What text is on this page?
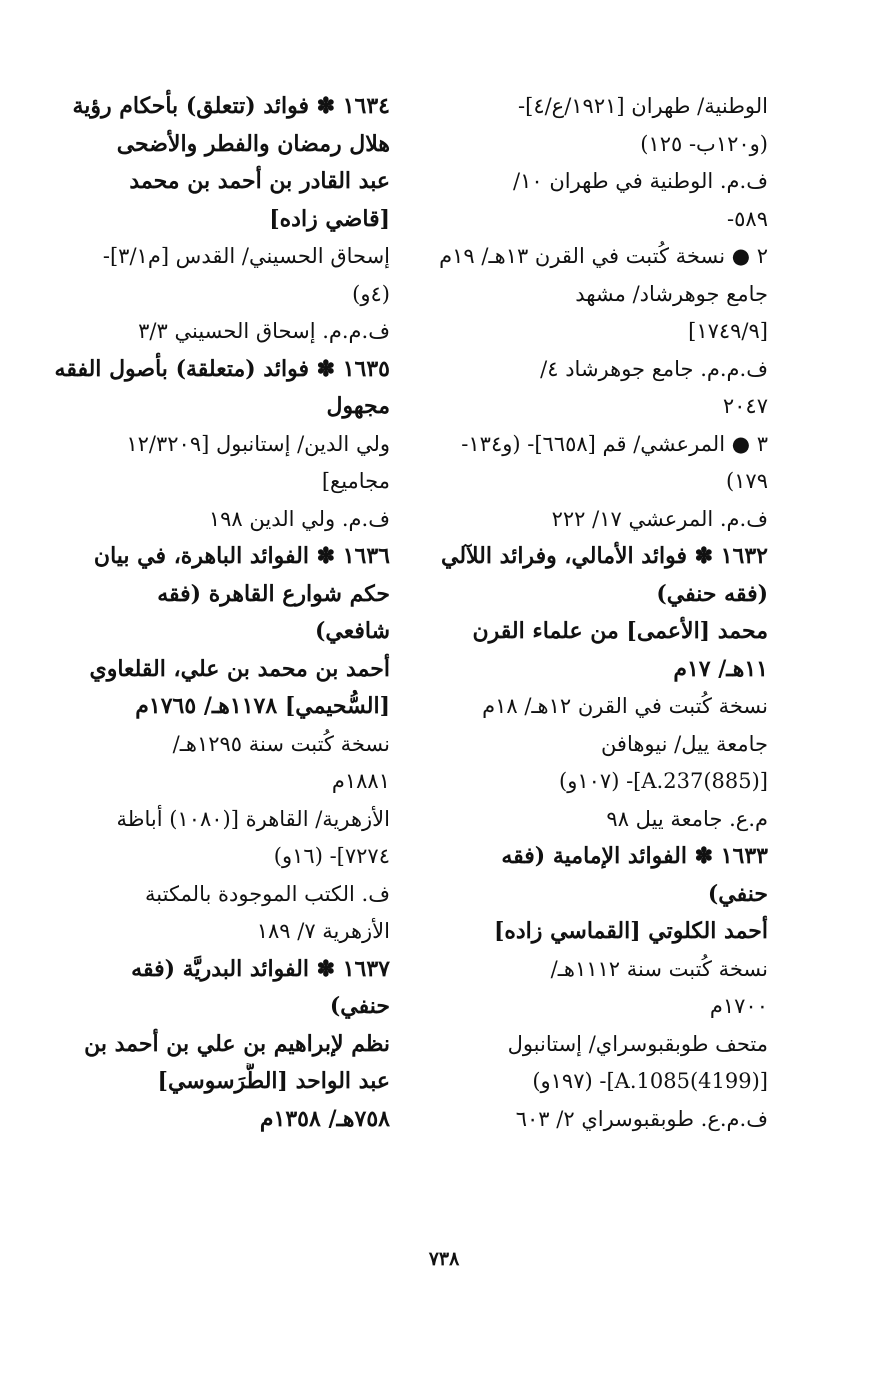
الوطنية/ طهران [١٩٢١/ع/٤]-
(و١٢٠ب- ١٢٥)
ف.م. الوطنية في طهران ١٠/
٥٨٩-
٢ ● نسخة كُتبت في القرن ١٣هـ/ ١٩م
جامع جوهرشاد/ مشهد
[١٧٤٩/٩]
ف.م.م. جامع جوهرشاد ٤/
٢٠٤٧
٣ ● المرعشي/ قم [٦٦٥٨]- (و١٣٤-
١٧٩)
ف.م. المرعشي ١٧/ ٢٢٢
١٦٣٢ ✽ فوائد الأمالي، وفرائد اللآلي
(فقه حنفي)
محمد [الأعمى] من علماء القرن
١١هـ/ ١٧م
نسخة كُتبت في القرن ١٢هـ/ ١٨م
جامعة ييل/ نيوهافن
[A.237(885)]- (١٠٧و)
م.ع. جامعة ييل ٩٨
١٦٣٣ ✽ الفوائد الإمامية (فقه
حنفي)
أحمد الكلوتي [القماسي زاده]
نسخة كُتبت سنة ١١١٢هـ/
١٧٠٠م
متحف طوبقبوسراي/ إستانبول
[A.1085(4199)]- (١٩٧و)
ف.م.ع. طوبقبوسراي ٢/ ٦٠٣
١٦٣٤ ✽ فوائد (تتعلق) بأحكام رؤية
هلال رمضان والفطر والأضحى
عبد القادر بن أحمد بن محمد
[قاضي زاده]
إسحاق الحسيني/ القدس [م٣/١]-
(٤و)
ف.م.م. إسحاق الحسيني ٣/٣
١٦٣٥ ✽ فوائد (متعلقة) بأصول الفقه
مجهول
ولي الدين/ إستانبول [١٢/٣٢٠٩
مجاميع]
ف.م. ولي الدين ١٩٨
١٦٣٦ ✽ الفوائد الباهرة، في بيان
حكم شوارع القاهرة (فقه
شافعي)
أحمد بن محمد بن علي، القلعاوي
[السُّحيمي] ١١٧٨هـ/ ١٧٦٥م
نسخة كُتبت سنة ١٢٩٥هـ/
١٨٨١م
الأزهرية/ القاهرة [(١٠٨٠) أباظة
٧٢٧٤]- (١٦و)
ف. الكتب الموجودة بالمكتبة
الأزهرية ٧/ ١٨٩
١٦٣٧ ✽ الفوائد البدريَّة (فقه
حنفي)
نظم لإبراهيم بن علي بن أحمد بن
عبد الواحد [الطَّرَسوسي]
٧٥٨هـ/ ١٣٥٨م
٧٣٨
